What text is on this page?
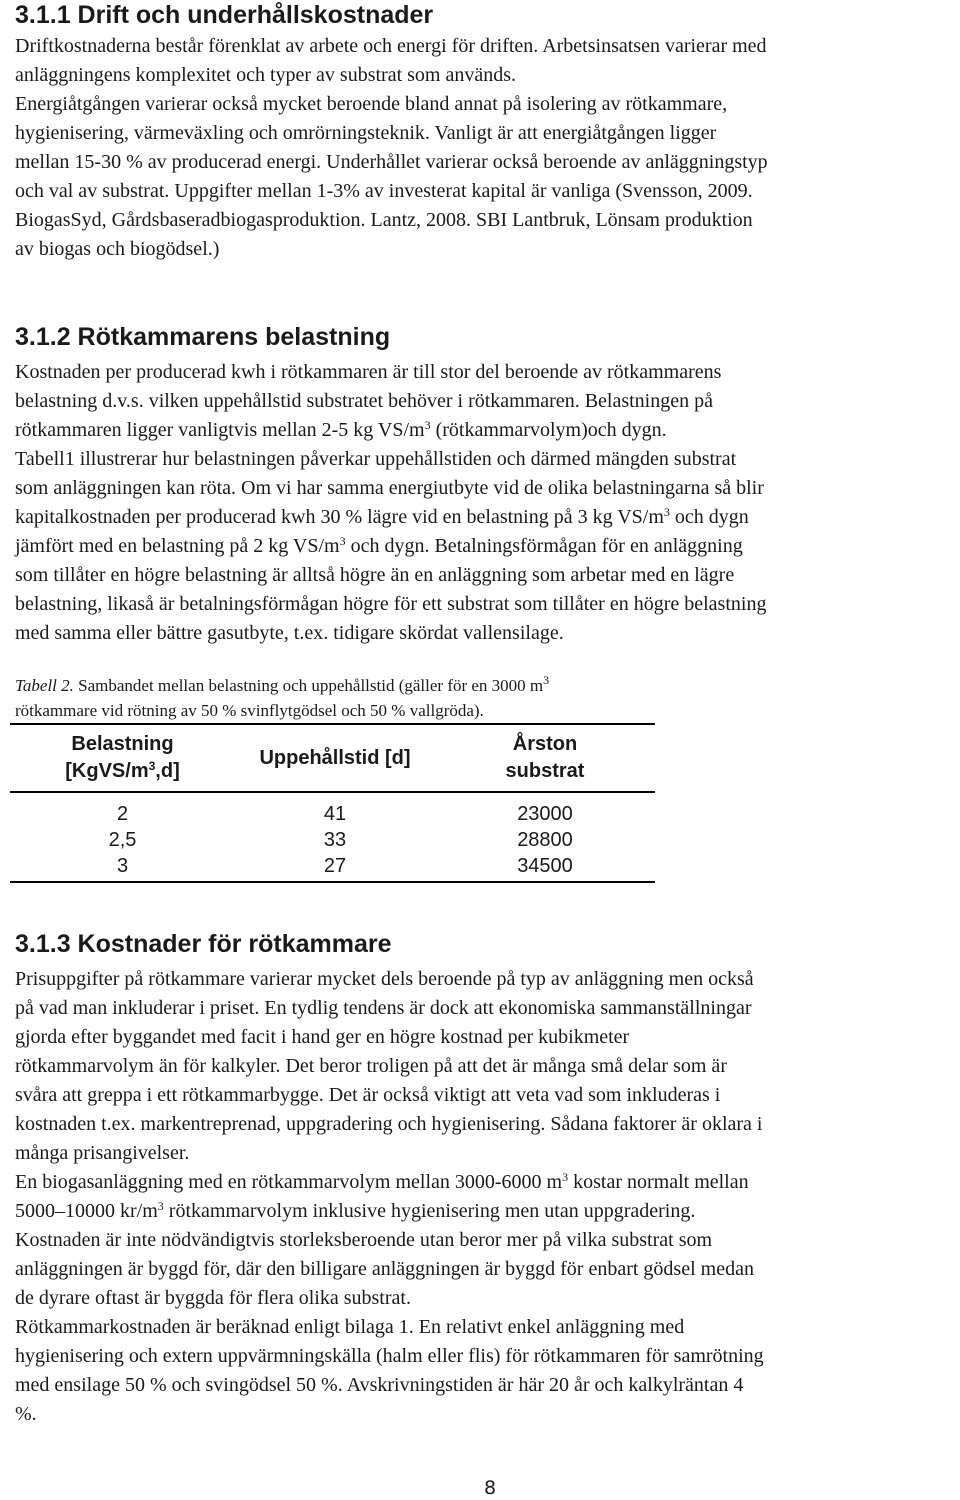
3.1.1 Drift och underhållskostnader
Driftkostnaderna består förenklat av arbete och energi för driften. Arbetsinsatsen varierar med
anläggningens komplexitet och typer av substrat som används.
Energiåtgången varierar också mycket beroende bland annat på isolering av rötkammare,
hygienisering, värmeväxling och omrörningsteknik. Vanligt är att energiåtgången ligger
mellan 15-30 % av producerad energi. Underhållet varierar också beroende av anläggningstyp
och val av substrat. Uppgifter mellan 1-3% av investerat kapital är vanliga (Svensson, 2009.
BiogasSyd, Gårdsbaseradbiogasproduktion. Lantz, 2008. SBI Lantbruk, Lönsam produktion
av biogas och biogödsel.)
3.1.2 Rötkammarens belastning
Kostnaden per producerad kwh i rötkammaren är till stor del beroende av rötkammarens
belastning d.v.s. vilken uppehållstid substratet behöver i rötkammaren. Belastningen på
rötkammaren ligger vanligtvis mellan 2-5 kg $VS/m^3$ (rötkammarvolym)och dygn.
Tabell1 illustrerar hur belastningen påverkar uppehållstiden och därmed mängden substrat
som anläggningen kan röta. Om vi har samma energiutbyte vid de olika belastningarna så blir
kapitalkostnaden per producerad kwh 30 % lägre vid en belastning på 3 kg $VS/m^3$ och dygn
jämfört med en belastning på 2 kg $VS/m^3$ och dygn. Betalningsförmågan för en anläggning
som tillåter en högre belastning är alltså högre än en anläggning som arbetar med en lägre
belastning, likaså är betalningsförmågan högre för ett substrat som tillåter en högre belastning
med samma eller bättre gasutbyte, t.ex. tidigare skördat vallensilage.
Tabell 2. Sambandet mellan belastning och uppehållstid (gäller för en 3000 $m^3$
rötkammare vid rötning av 50 % svinflytgödsel och 50 % vallgröda).
Belastning
$[KgVS/m^3,d]$	Uppehållstid [d]	Årston
substrat
2	41	23000
2,5	33	28800
3	27	34500
3.1.3 Kostnader för rötkammare
Prisuppgifter på rötkammare varierar mycket dels beroende på typ av anläggning men också
på vad man inkluderar i priset. En tydlig tendens är dock att ekonomiska sammanställningar
gjorda efter byggandet med facit i hand ger en högre kostnad per kubikmeter
rötkammarvolym än för kalkyler. Det beror troligen på att det är många små delar som är
svåra att greppa i ett rötkammarbygge. Det är också viktigt att veta vad som inkluderas i
kostnaden t.ex. markentreprenad, uppgradering och hygienisering. Sådana faktorer är oklara i
många prisangivelser.
En biogasanläggning med en rötkammarvolym mellan 3000-6000 $m^3$ kostar normalt mellan
5000–10000 $kr/m^3$ rötkammarvolym inklusive hygienisering men utan uppgradering.
Kostnaden är inte nödvändigtvis storleksberoende utan beror mer på vilka substrat som
anläggningen är byggd för, där den billigare anläggningen är byggd för enbart gödsel medan
de dyrare oftast är byggda för flera olika substrat.
Rötkammarkostnaden är beräknad enligt bilaga 1. En relativt enkel anläggning med
hygienisering och extern uppvärmningskälla (halm eller flis) för rötkammaren för samrötning
med ensilage 50 % och svingödsel 50 %. Avskrivningstiden är här 20 år och kalkylräntan 4
%.
8
